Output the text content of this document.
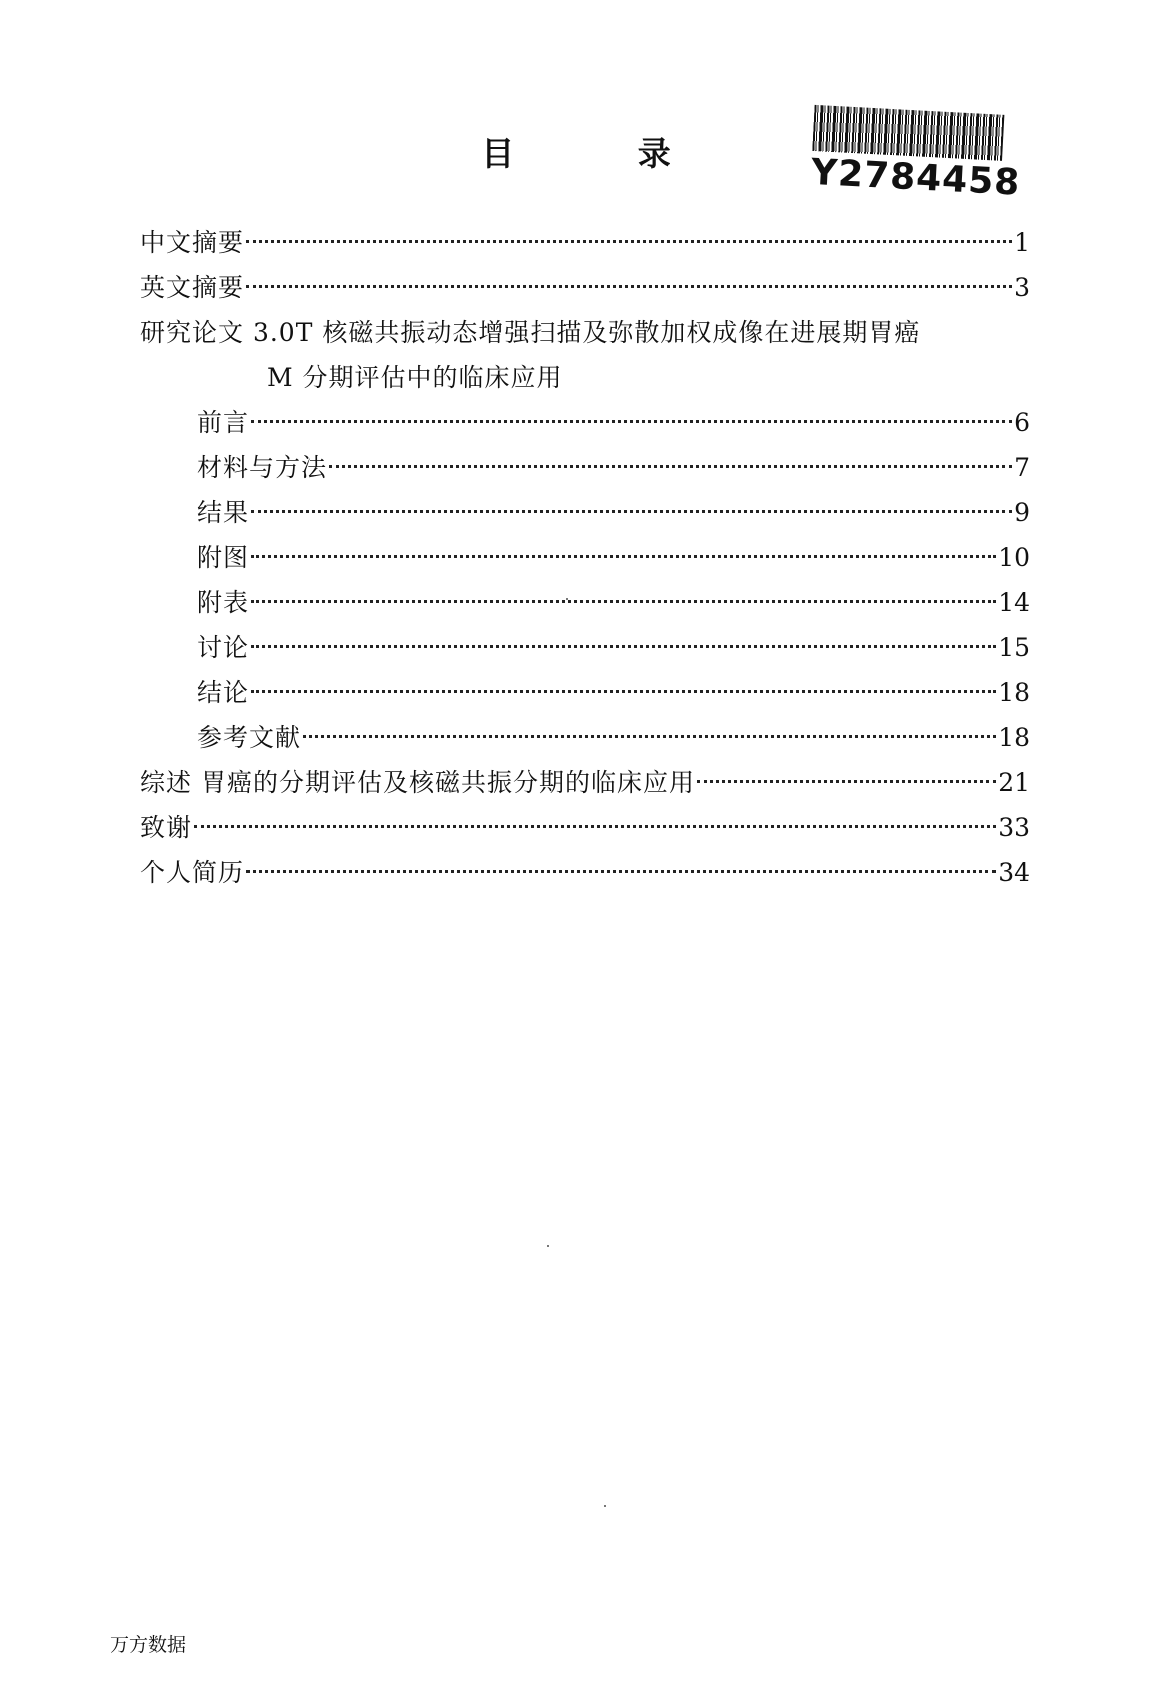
目 录	Y2784458
中文摘要	1
英文摘要	3
研究论文 3.0T 核磁共振动态增强扫描及弥散加权成像在进展期胃癌
M 分期评估中的临床应用
前言	6
材料与方法	7
结果	9
附图	10
附表	14
讨论	15
结论	18
参考文献	18
综述 胃癌的分期评估及核磁共振分期的临床应用	21
致谢	33
个人简历	34
万方数据
